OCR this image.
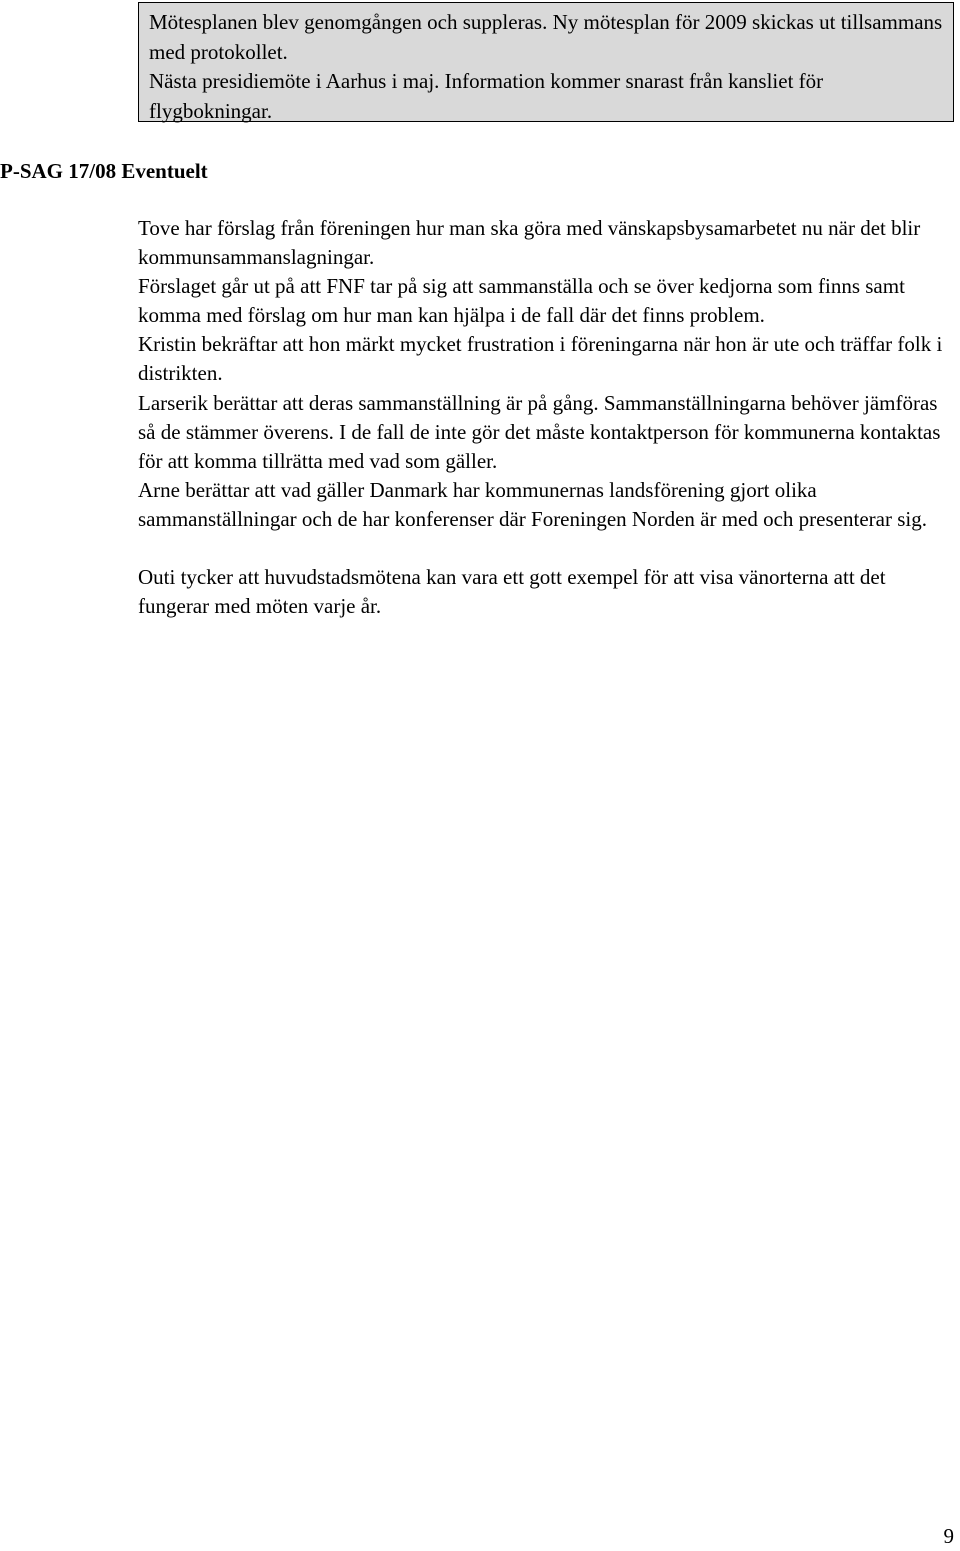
Mötesplanen blev genomgången och suppleras. Ny mötesplan för 2009 skickas ut tillsammans med protokollet.

Nästa presidiemöte i Aarhus i maj. Information kommer snarast från kansliet för flygbokningar.

P-SAG 17/08 Eventuelt

Tove har förslag från föreningen hur man ska göra med vänskapsbysamarbetet nu när det blir kommunsammanslagningar.

Förslaget går ut på att FNF tar på sig att sammanställa och se över kedjorna som finns samt komma med förslag om hur man kan hjälpa i de fall där det finns problem.

Kristin bekräftar att hon märkt mycket frustration i föreningarna när hon är ute och träffar folk i distrikten.

Larserik berättar att deras sammanställning är på gång. Sammanställningarna behöver jämföras så de stämmer överens. I de fall de inte gör det måste kontaktperson för kommunerna kontaktas för att komma tillrätta med vad som gäller.

Arne berättar att vad gäller Danmark har kommunernas landsförening gjort olika sammanställningar och de har konferenser där Foreningen Norden är med och presenterar sig.

Outi tycker att huvudstadsmötena kan vara ett gott exempel för att visa vänorterna att det fungerar med möten varje år.

9
